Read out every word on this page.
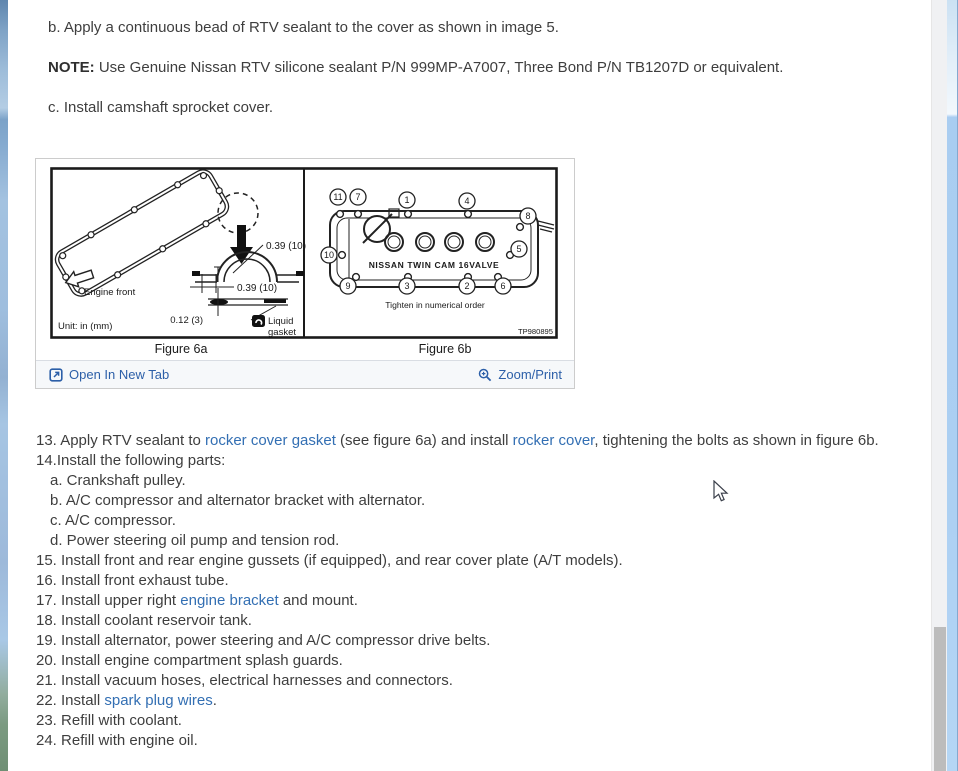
b. Apply a continuous bead of RTV sealant to the cover as shown in image 5.

NOTE: Use Genuine Nissan RTV silicone sealant P/N 999MP-A7007, Three Bond P/N TB1207D or equivalent.

c. Install camshaft sprocket cover.

0.39 (10)
0.39 (10)
0.12 (3)	Liquid
gasket
Engine front
Unit: in (mm)
11 7	1	4
8
10
5
9	3	2	6
NISSAN TWIN CAM 16VALVE
Tighten in numerical order
TP980895
Figure 6a	Figure 6b
Open In New Tab	Zoom/Print

13. Apply RTV sealant to rocker cover gasket (see figure 6a) and install rocker cover, tightening the bolts as shown in figure 6b. 14.Install the following parts:

a. Crankshaft pulley.

b. A/C compressor and alternator bracket with alternator.

c. A/C compressor.

d. Power steering oil pump and tension rod.

15. Install front and rear engine gussets (if equipped), and rear cover plate (A/T models).

16. Install front exhaust tube.

17. Install upper right engine bracket and mount.

18. Install coolant reservoir tank.

19. Install alternator, power steering and A/C compressor drive belts.

20. Install engine compartment splash guards.

21. Install vacuum hoses, electrical harnesses and connectors.

22. Install spark plug wires.

23. Refill with coolant.

24. Refill with engine oil.
